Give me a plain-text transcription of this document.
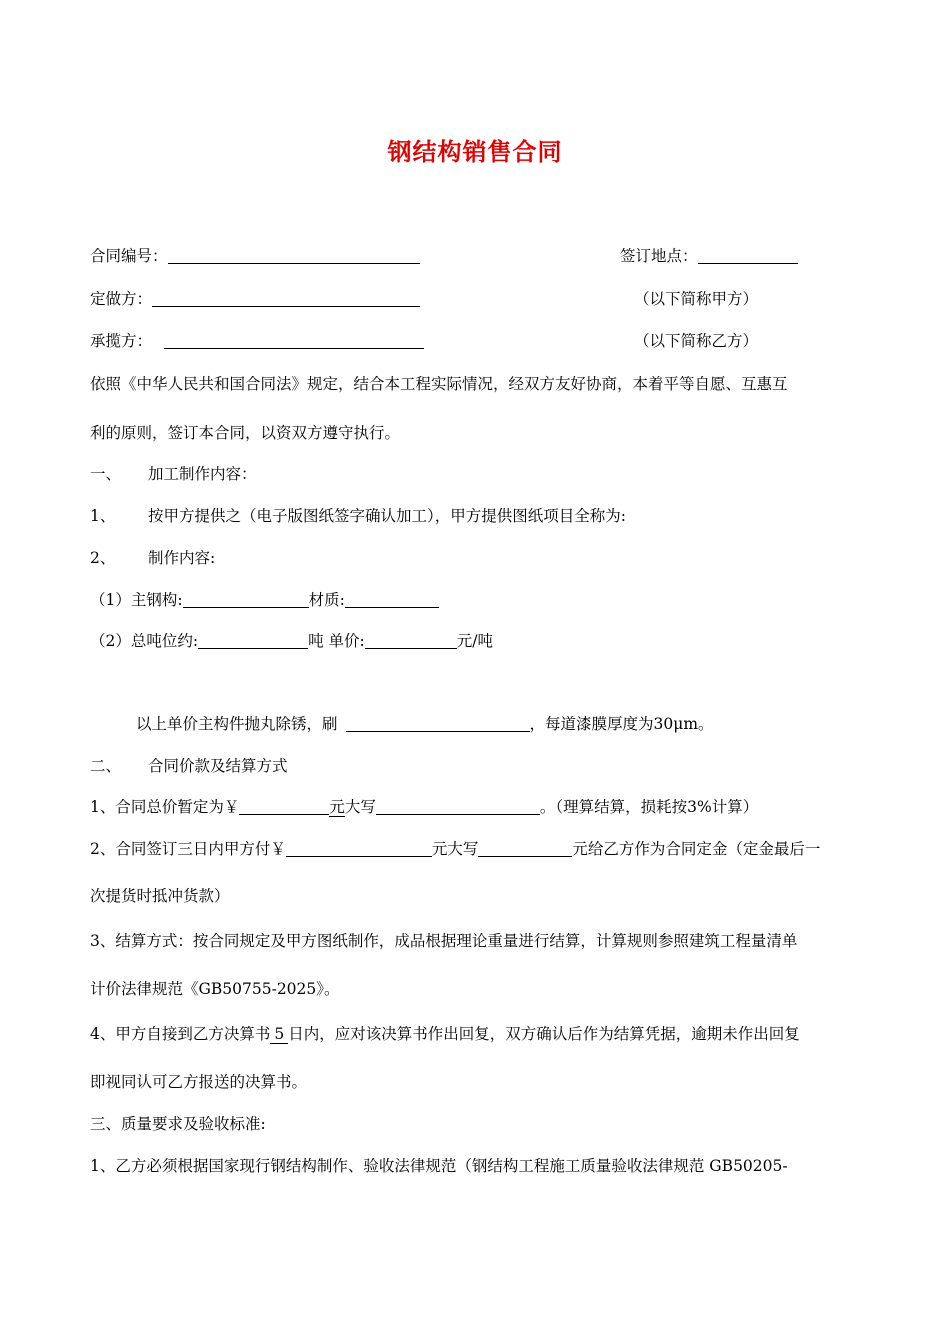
钢结构销售合同
合同编号：	签订地点：
定做方：	（以下简称甲方）
承揽方：	（以下简称乙方）
依照《中华人民共和国合同法》规定，结合本工程实际情况，经双方友好协商，本着平等自愿、互惠互
利的原则，签订本合同，以资双方遵守执行。
一、 加工制作内容：
1、 按甲方提供之（电子版图纸签字确认加工），甲方提供图纸项目全称为:
2、 制作内容:
（1）主钢构:	材质:
（2）总吨位约:	吨 单价:	元/吨
以上单价主构件抛丸除锈，刷	，每道漆膜厚度为30μm。
二、 合同价款及结算方式
1、合同总价暂定为￥	元大写	。（理算结算，损耗按3%计算）
2、合同签订三日内甲方付￥	元大写	元给乙方作为合同定金（定金最后一
次提货时抵冲货款）
3、结算方式：按合同规定及甲方图纸制作，成品根据理论重量进行结算，计算规则参照建筑工程量清单
计价法律规范《GB50755-2025》。
4、甲方自接到乙方决算书 5 日内，应对该决算书作出回复，双方确认后作为结算凭据，逾期未作出回复
即视同认可乙方报送的决算书。
三、质量要求及验收标准:
1、乙方必须根据国家现行钢结构制作、验收法律规范（钢结构工程施工质量验收法律规范 GB50205-
